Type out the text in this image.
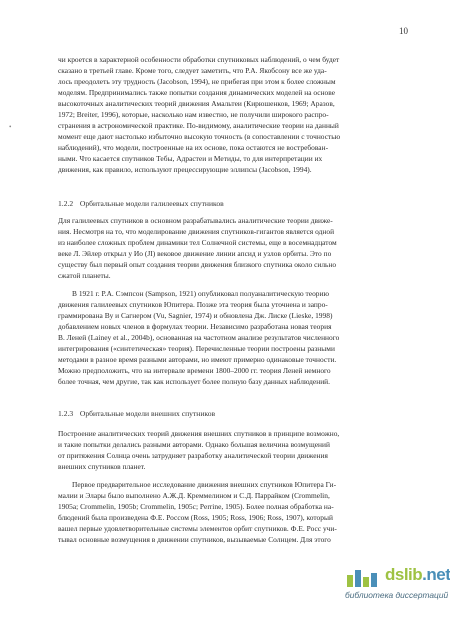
10
•
чи кроется в характерной особенности обработки спутниковых наблюдений, о чем будет
сказано в третьей главе. Кроме того, следует заметить, что Р.А. Якобсону все же уда-
лось преодолеть эту трудность (Jacobson, 1994), не прибегая при этом к более сложным
моделям. Предпринимались также попытки создания динамических моделей на основе
высокоточных аналитических теорий движения Амальтеи (Кирюшенков, 1969; Аразов,
1972; Breiter, 1996), которые, насколько нам известно, не получили широкого распро-
странения в астрономической практике. По-видимому, аналитические теории на данный
момент еще дают настолько избыточно высокую точность (в сопоставлении с точностью
наблюдений), что модели, построенные на их основе, пока остаются не востребован-
ными. Что касается спутников Тебы, Адрастеи и Метиды, то для интерпретации их
движения, как правило, используют прецессирующие эллипсы (Jacobson, 1994).
1.2.2 Орбитальные модели галилеевых спутников
Для галилеевых спутников в основном разрабатывались аналитические теории движе-
ния. Несмотря на то, что моделирование движения спутников-гигантов является одной
из наиболее сложных проблем динамики тел Солнечной системы, еще в восемнадцатом
веке Л. Эйлер открыл у Ио (JI) вековое движение линии апсид и узлов орбиты. Это по
существу был первый опыт создания теории движения близкого спутника около сильно
сжатой планеты.
В 1921 г. Р.А. Сэмпсон (Sampson, 1921) опубликовал полуаналитическую теорию
движения галилеевых спутников Юпитера. Позже эта теория была уточнена и запро-
граммирована Ву и Сагнером (Vu, Sagnier, 1974) и обновлена Дж. Лиске (Lieske, 1998)
добавлением новых членов в формулах теории. Независимо разработана новая теория
В. Леней (Lainey et al., 2004b), основанная на частотном анализе результатов численного
интегрирования («синтетическая» теория). Перечисленные теории построены разными
методами в разное время разными авторами, но имеют примерно одинаковые точности.
Можно предположить, что на интервале времени 1800–2000 гг. теория Леней немного
более точная, чем другие, так как использует более полную базу данных наблюдений.
1.2.3 Орбитальные модели внешних спутников
Построение аналитических теорий движения внешних спутников в принципе возможно,
и такие попытки делались разными авторами. Однако большая величина возмущений
от притяжения Солнца очень затрудняет разработку аналитической теории движения
внешних спутников планет.
Первое предварительное исследование движения внешних спутников Юпитера Ги-
малии и Элары было выполнено А.Ж.Д. Креммелином и С.Д. Паррайком (Crommelin,
1905a; Crommelin, 1905b; Crommelin, 1905c; Perrine, 1905). Более полная обработка на-
блюдений была произведена Ф.Е. Россом (Ross, 1905; Ross, 1906; Ross, 1907), который
вашел первые удовлетворительные системы элементов орбит спутников. Ф.Е. Росс учи-
тывал основные возмущения в движении спутников, вызываемые Солнцем. Для этого
dslib.net
библиотека диссертаций
